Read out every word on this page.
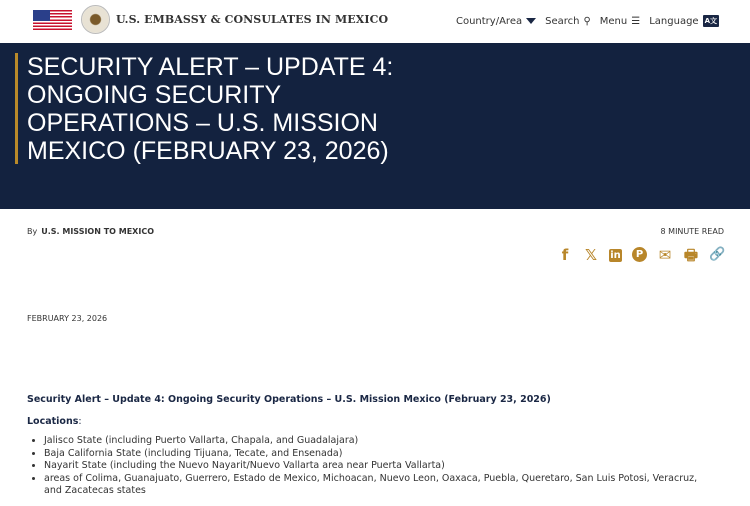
U.S. EMBASSY & CONSULATES IN MEXICO	Country/Area Search ⚲ Menu ☰ Language A文
SECURITY ALERT – UPDATE 4: ONGOING SECURITY OPERATIONS – U.S. MISSION MEXICO (FEBRUARY 23, 2026)
By U.S. MISSION TO MEXICO	8 MINUTE READ
f	𝕏 in	P ✉ 🖶 🔗
FEBRUARY 23, 2026

Security Alert – Update 4: Ongoing Security Operations – U.S. Mission Mexico (February 23, 2026)

Locations:

• Jalisco State (including Puerto Vallarta, Chapala, and Guadalajara)
• Baja California State (including Tijuana, Tecate, and Ensenada)
• Nayarit State (including the Nuevo Nayarit/Nuevo Vallarta area near Puerta Vallarta)
• areas of Colima, Guanajuato, Guerrero, Estado de Mexico, Michoacan, Nuevo Leon, Oaxaca, Puebla, Queretaro, San Luis Potosi, Veracruz, and Zacatecas states
